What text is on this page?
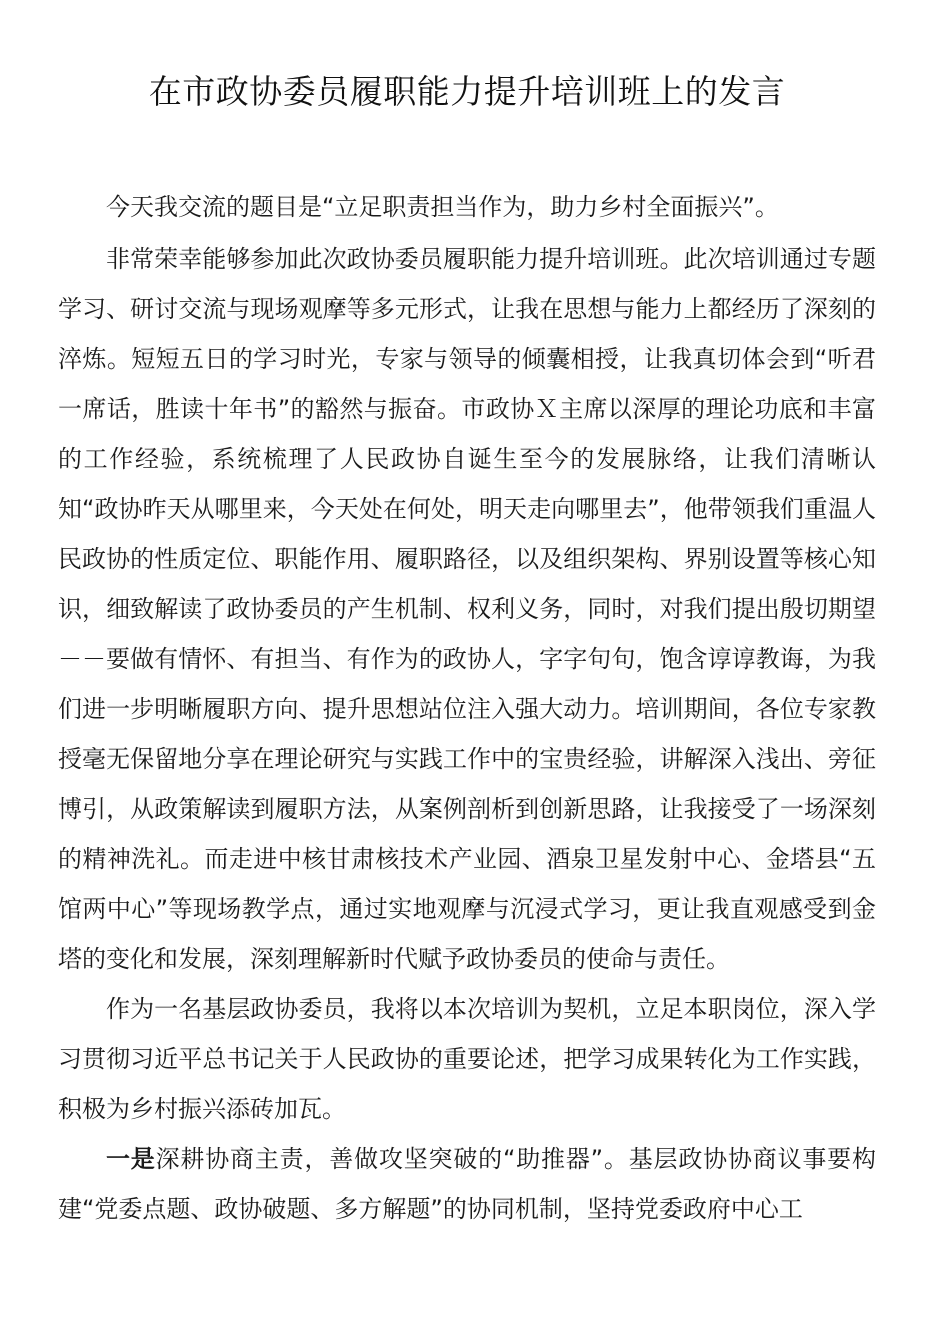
在市政协委员履职能力提升培训班上的发言

今天我交流的题目是“立足职责担当作为，助力乡村全面振兴”。

非常荣幸能够参加此次政协委员履职能力提升培训班。此次培训通过专题学习、研讨交流与现场观摩等多元形式，让我在思想与能力上都经历了深刻的淬炼。短短五日的学习时光，专家与领导的倾囊相授，让我真切体会到“听君一席话，胜读十年书”的豁然与振奋。市政协Ｘ主席以深厚的理论功底和丰富的工作经验，系统梳理了人民政协自诞生至今的发展脉络，让我们清晰认知“政协昨天从哪里来，今天处在何处，明天走向哪里去”，他带领我们重温人民政协的性质定位、职能作用、履职路径，以及组织架构、界别设置等核心知识，细致解读了政协委员的产生机制、权利义务，同时，对我们提出殷切期望－－要做有情怀、有担当、有作为的政协人，字字句句，饱含谆谆教诲，为我们进一步明晰履职方向、提升思想站位注入强大动力。培训期间，各位专家教授毫无保留地分享在理论研究与实践工作中的宝贵经验，讲解深入浅出、旁征博引，从政策解读到履职方法，从案例剖析到创新思路，让我接受了一场深刻的精神洗礼。而走进中核甘肃核技术产业园、酒泉卫星发射中心、金塔县“五馆两中心”等现场教学点，通过实地观摩与沉浸式学习，更让我直观感受到金塔的变化和发展，深刻理解新时代赋予政协委员的使命与责任。

作为一名基层政协委员，我将以本次培训为契机，立足本职岗位，深入学习贯彻习近平总书记关于人民政协的重要论述，把学习成果转化为工作实践，积极为乡村振兴添砖加瓦。

一是深耕协商主责，善做攻坚突破的“助推器”。基层政协协商议事要构建“党委点题、政协破题、多方解题”的协同机制，坚持党委政府中心工
